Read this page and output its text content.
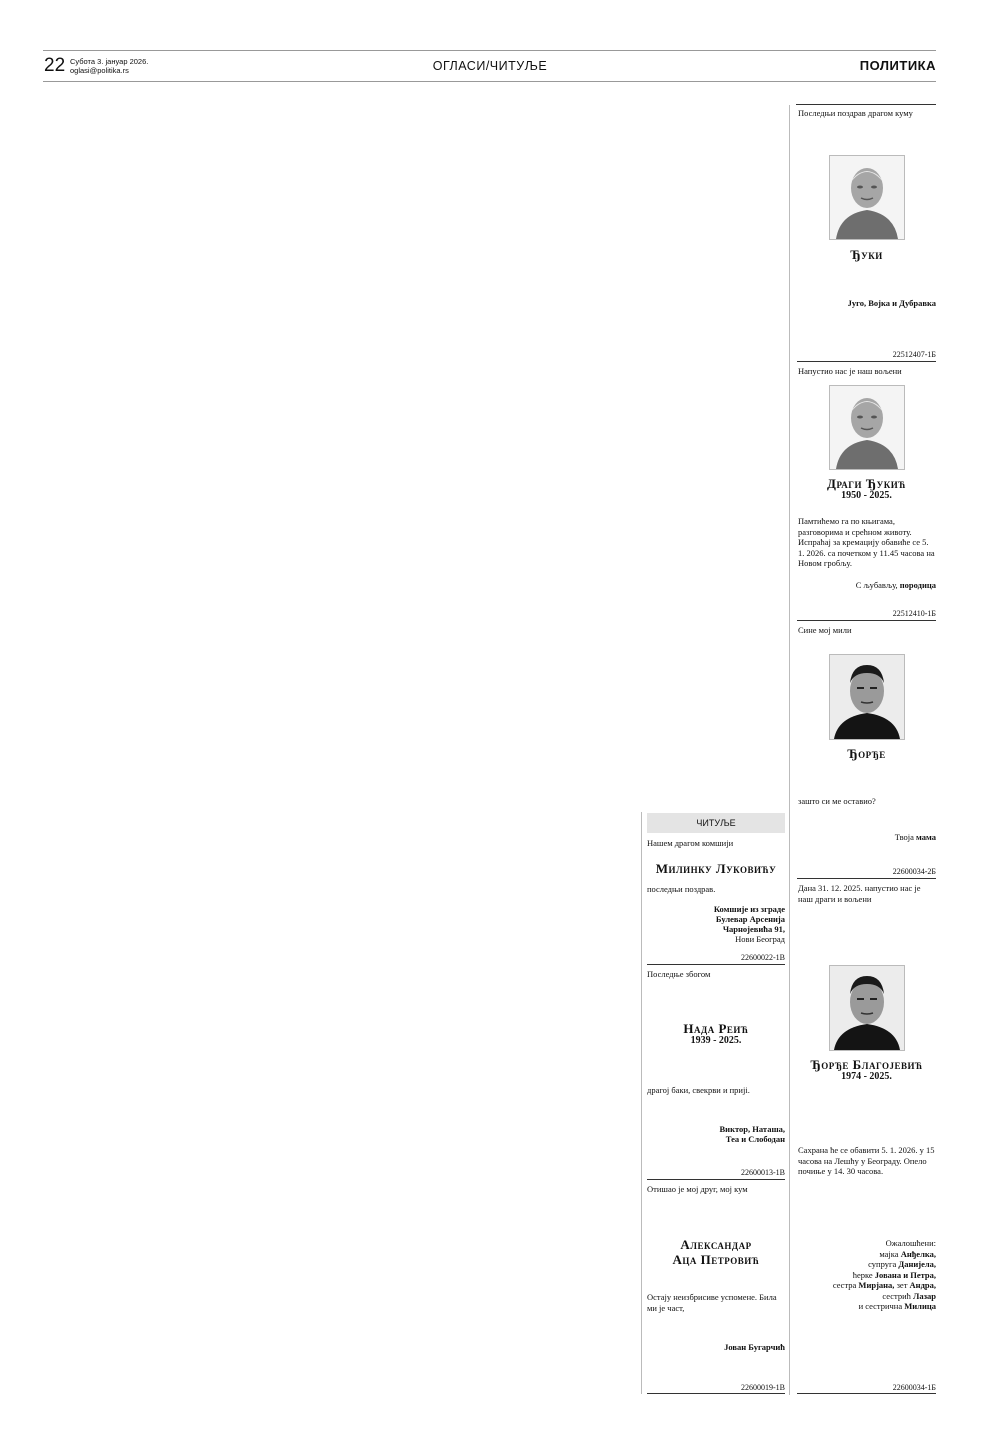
22 Субота 3. јануар 2026.
oglasi@politika.rs	ОГЛАСИ/ЧИТУЉЕ	ПОЛИТИКА
ЧИТУЉЕ
Нашем драгом комшији
Милинку Луковићу
последњи поздрав.
Комшије из зграде
Булевар Арсенија
Чарнојевића 91,
Нови Београд
22600022-1В
Последње збогом
Нада Реић
1939 - 2025.
драгој баки, свекрви и пријi.
Виктор, Наташа,
Теа и Слободан
22600013-1В
Отишао је мој друг, мој кум
Александар
Аца Петровић
Остају неизбрисиве успомене. Била ми је част,
Јован Бугарчић
22600019-1В
Последњи поздрав драгом куму
Ђуки
Југо, Војка и Дубравка
22512407-1Б
Напустио нас је наш вољени
Драги Ђукић
1950 - 2025.
Памтићемо га по књигама, разговорима и срећном животу. Испраћај за кремацију обавиће се 5. 1. 2026. са почетком у 11.45 часова на Новом гробљу.
С љубављу, породица
22512410-1Б
Сине мој мили
Ђорђе
зашто си ме оставио?
Твоја мама
22600034-2Б
Дана 31. 12. 2025. напустио нас је наш драги и вољени
Ђорђе Благојевић
1974 - 2025.
Сахрана ће се обавити 5. 1. 2026. у 15 часова на Лешћу у Београду. Опело почиње у 14. 30 часова.
Ожалошћени:
мајка Анђелка,
супруга Данијела,
ћерке Јована и Петра,
сестра Мирјана, зет Андра,
сестрић Лазар
и сестрична Милица
22600034-1Б
